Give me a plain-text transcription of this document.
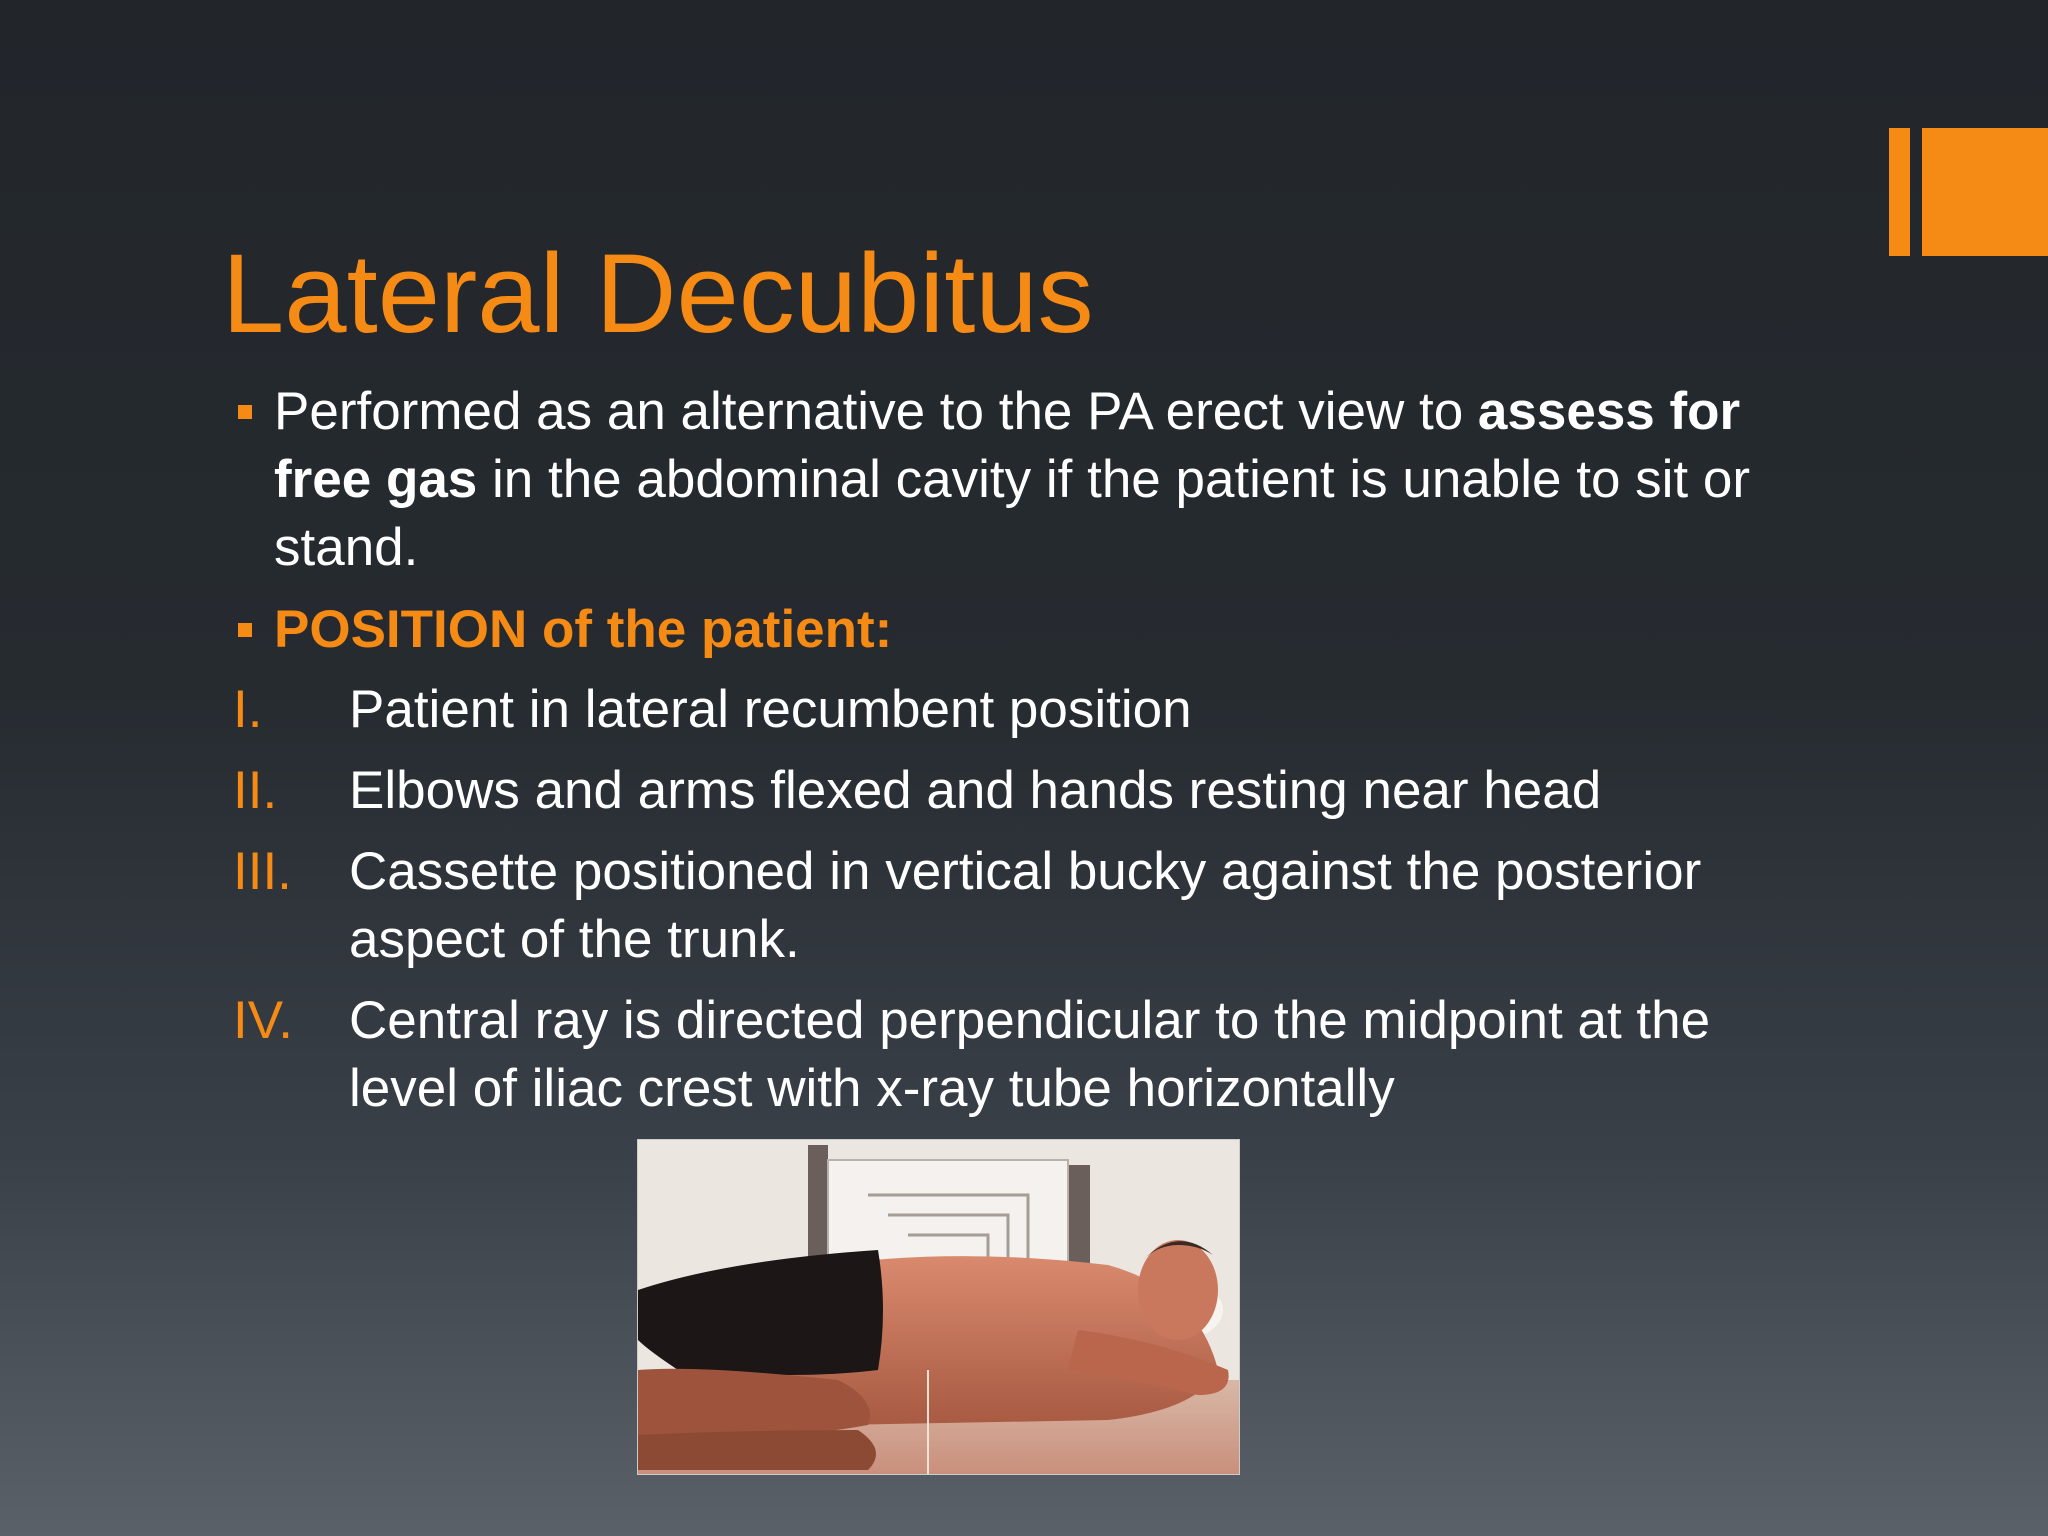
Lateral Decubitus
Performed as an alternative to the PA erect view to assess for free gas in the abdominal cavity if the patient is unable to sit or stand.
POSITION of the patient:
I. Patient in lateral recumbent position
II. Elbows and arms flexed and hands resting near head
III. Cassette positioned in vertical bucky against the posterior aspect of the trunk.
IV. Central ray is directed perpendicular to the midpoint at the level of iliac crest with x-ray tube horizontally
